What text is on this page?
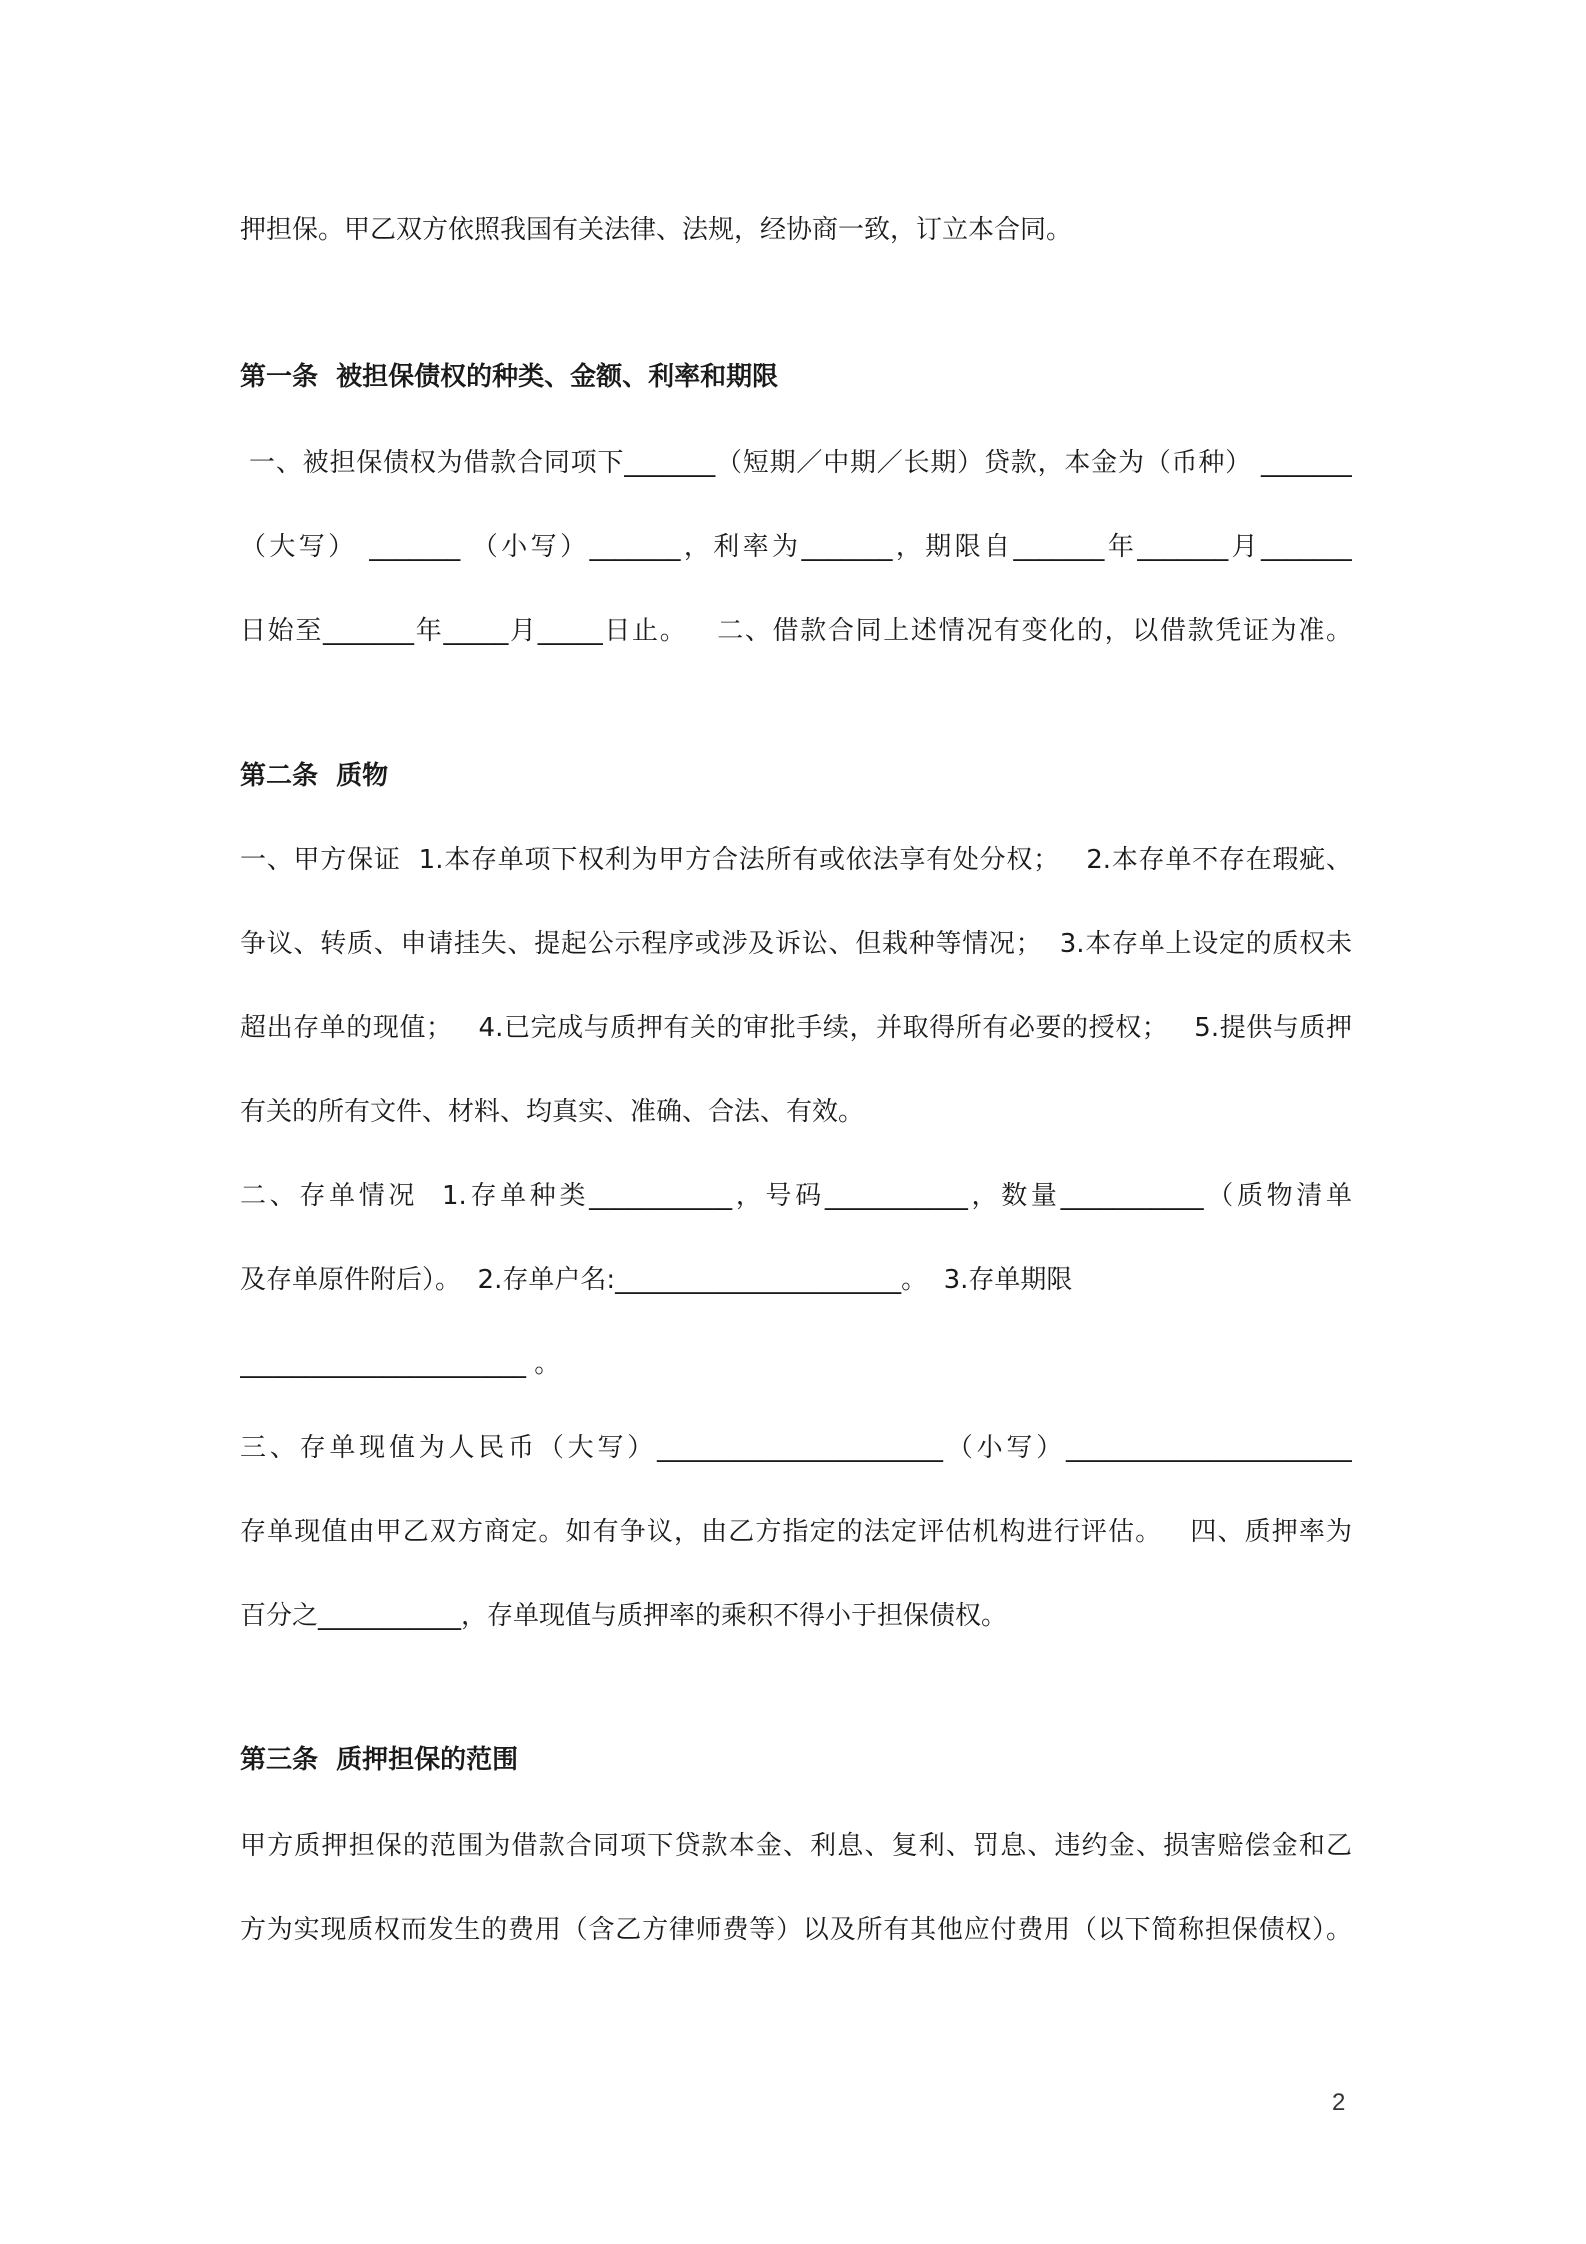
押担保。甲乙双方依照我国有关法律、法规，经协商一致，订立本合同。
第一条  被担保债权的种类、金额、利率和期限
一、被担保债权为借款合同项下_______（短期／中期／长期）贷款，本金为（币种） _______
（大写） _______ （小写）_______，利率为_______，期限自_______年_______月_______
日始至_______年_____月_____日止。   二、借款合同上述情况有变化的，以借款凭证为准。
第二条  质物
一、甲方保证  1.本存单项下权利为甲方合法所有或依法享有处分权；   2.本存单不存在瑕疵、
争议、转质、申请挂失、提起公示程序或涉及诉讼、但栽种等情况；  3.本存单上设定的质权未
超出存单的现值；   4.已完成与质押有关的审批手续，并取得所有必要的授权；   5.提供与质押
有关的所有文件、材料、均真实、准确、合法、有效。
二、存单情况  1.存单种类___________，号码___________，数量___________（质物清单
及存单原件附后）。  2.存单户名:______________________。  3.存单期限
______________________ 。
三、存单现值为人民币（大写）______________________（小写）______________________
存单现值由甲乙双方商定。如有争议，由乙方指定的法定评估机构进行评估。   四、质押率为
百分之___________，存单现值与质押率的乘积不得小于担保债权。
第三条  质押担保的范围
甲方质押担保的范围为借款合同项下贷款本金、利息、复利、罚息、违约金、损害赔偿金和乙
方为实现质权而发生的费用（含乙方律师费等）以及所有其他应付费用（以下简称担保债权）。
2
